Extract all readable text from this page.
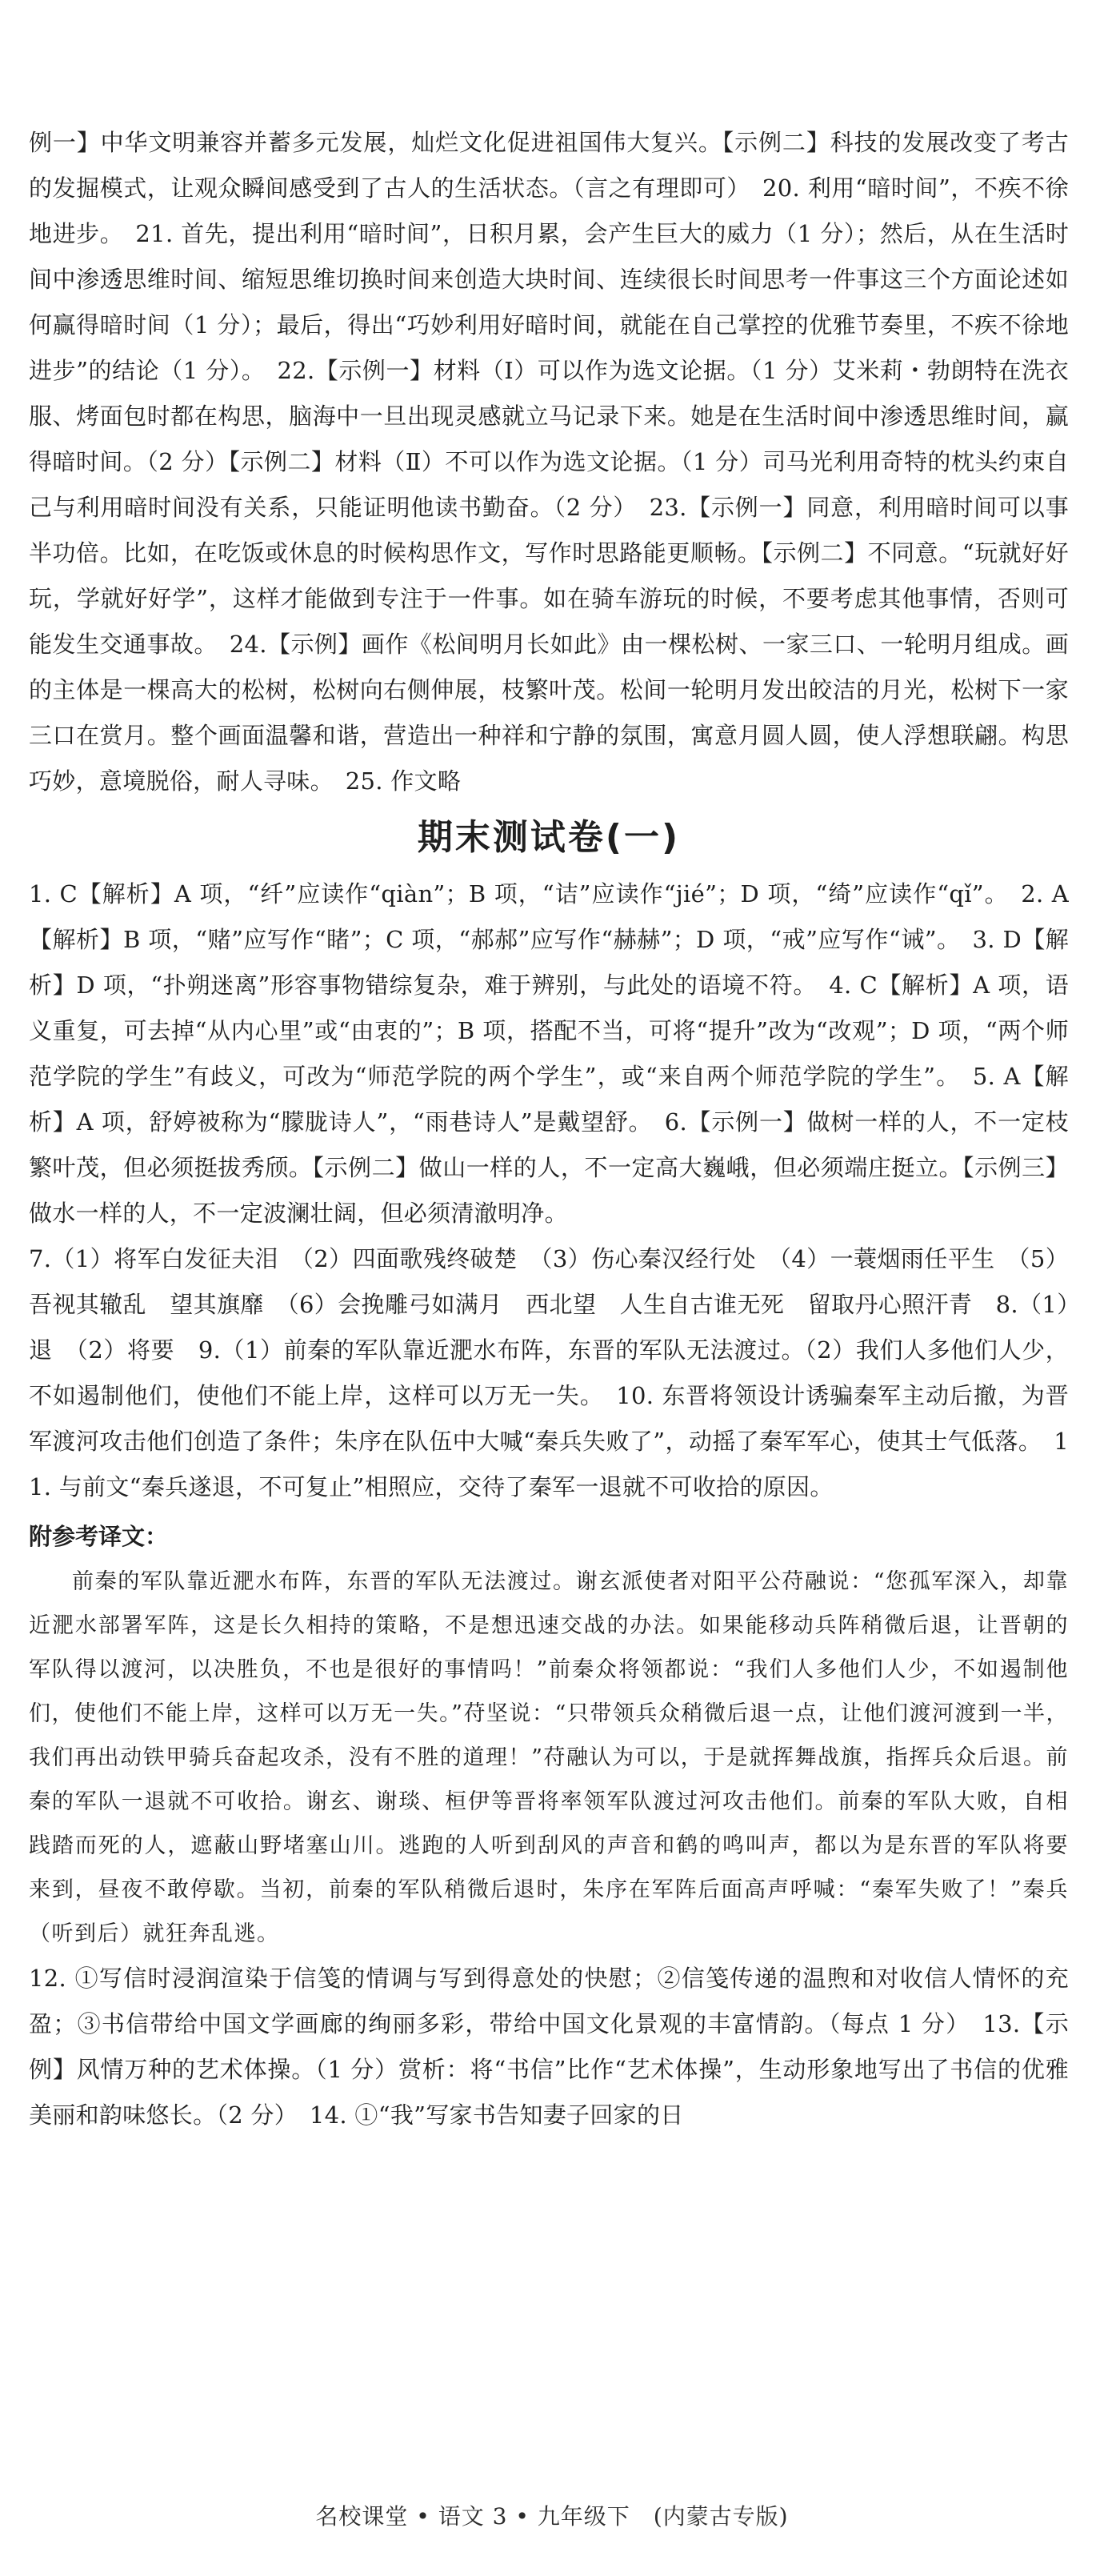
例一】中华文明兼容并蓄多元发展，灿烂文化促进祖国伟大复兴。【示例二】科技的发展改变了考古的发掘模式，让观众瞬间感受到了古人的生活状态。（言之有理即可）　20. 利用“暗时间”，不疾不徐地进步。　21. 首先，提出利用“暗时间”，日积月累，会产生巨大的威力（1 分）；然后，从在生活时间中渗透思维时间、缩短思维切换时间来创造大块时间、连续很长时间思考一件事这三个方面论述如何赢得暗时间（1 分）；最后，得出“巧妙利用好暗时间，就能在自己掌控的优雅节奏里，不疾不徐地进步”的结论（1 分）。　22.【示例一】材料（Ⅰ）可以作为选文论据。（1 分）艾米莉・勃朗特在洗衣服、烤面包时都在构思，脑海中一旦出现灵感就立马记录下来。她是在生活时间中渗透思维时间，赢得暗时间。（2 分）【示例二】材料（Ⅱ）不可以作为选文论据。（1 分）司马光利用奇特的枕头约束自己与利用暗时间没有关系，只能证明他读书勤奋。（2 分）　23.【示例一】同意，利用暗时间可以事半功倍。比如，在吃饭或休息的时候构思作文，写作时思路能更顺畅。【示例二】不同意。“玩就好好玩，学就好好学”，这样才能做到专注于一件事。如在骑车游玩的时候，不要考虑其他事情，否则可能发生交通事故。　24.【示例】画作《松间明月长如此》由一棵松树、一家三口、一轮明月组成。画的主体是一棵高大的松树，松树向右侧伸展，枝繁叶茂。松间一轮明月发出皎洁的月光，松树下一家三口在赏月。整个画面温馨和谐，营造出一种祥和宁静的氛围，寓意月圆人圆，使人浮想联翩。构思巧妙，意境脱俗，耐人寻味。　25. 作文略

期末测试卷(一)

1. C【解析】A 项，“纤”应读作“qiàn”；B 项，“诘”应读作“jié”；D 项，“绮”应读作“qǐ”。　2. A【解析】B 项，“赌”应写作“睹”；C 项，“郝郝”应写作“赫赫”；D 项，“戒”应写作“诫”。　3. D【解析】D 项，“扑朔迷离”形容事物错综复杂，难于辨别，与此处的语境不符。　4. C【解析】A 项，语义重复，可去掉“从内心里”或“由衷的”；B 项，搭配不当，可将“提升”改为“改观”；D 项，“两个师范学院的学生”有歧义，可改为“师范学院的两个学生”，或“来自两个师范学院的学生”。　5. A【解析】A 项，舒婷被称为“朦胧诗人”，“雨巷诗人”是戴望舒。　6.【示例一】做树一样的人，不一定枝繁叶茂，但必须挺拔秀颀。【示例二】做山一样的人，不一定高大巍峨，但必须端庄挺立。【示例三】做水一样的人，不一定波澜壮阔，但必须清澈明净。

7.（1）将军白发征夫泪　（2）四面歌残终破楚　（3）伤心秦汉经行处　（4）一蓑烟雨任平生　（5）吾视其辙乱　望其旗靡　（6）会挽雕弓如满月　西北望　人生自古谁无死　留取丹心照汗青　8.（1）退　（2）将要　9.（1）前秦的军队靠近淝水布阵，东晋的军队无法渡过。（2）我们人多他们人少，不如遏制他们，使他们不能上岸，这样可以万无一失。　10. 东晋将领设计诱骗秦军主动后撤，为晋军渡河攻击他们创造了条件；朱序在队伍中大喊“秦兵失败了”，动摇了秦军军心，使其士气低落。　11. 与前文“秦兵遂退，不可复止”相照应，交待了秦军一退就不可收拾的原因。

附参考译文：

前秦的军队靠近淝水布阵，东晋的军队无法渡过。谢玄派使者对阳平公苻融说：“您孤军深入，却靠近淝水部署军阵，这是长久相持的策略，不是想迅速交战的办法。如果能移动兵阵稍微后退，让晋朝的军队得以渡河，以决胜负，不也是很好的事情吗！”前秦众将领都说：“我们人多他们人少，不如遏制他们，使他们不能上岸，这样可以万无一失。”苻坚说：“只带领兵众稍微后退一点，让他们渡河渡到一半，我们再出动铁甲骑兵奋起攻杀，没有不胜的道理！”苻融认为可以，于是就挥舞战旗，指挥兵众后退。前秦的军队一退就不可收拾。谢玄、谢琰、桓伊等晋将率领军队渡过河攻击他们。前秦的军队大败，自相践踏而死的人，遮蔽山野堵塞山川。逃跑的人听到刮风的声音和鹤的鸣叫声，都以为是东晋的军队将要来到，昼夜不敢停歇。当初，前秦的军队稍微后退时，朱序在军阵后面高声呼喊：“秦军失败了！”秦兵（听到后）就狂奔乱逃。

12. ①写信时浸润渲染于信笺的情调与写到得意处的快慰；②信笺传递的温煦和对收信人情怀的充盈；③书信带给中国文学画廊的绚丽多彩，带给中国文化景观的丰富情韵。（每点 1 分）　13.【示例】风情万种的艺术体操。（1 分）赏析：将“书信”比作“艺术体操”，生动形象地写出了书信的优雅美丽和韵味悠长。（2 分）　14. ①“我”写家书告知妻子回家的日

名校课堂 • 语文 3 • 九年级下　(内蒙古专版)
